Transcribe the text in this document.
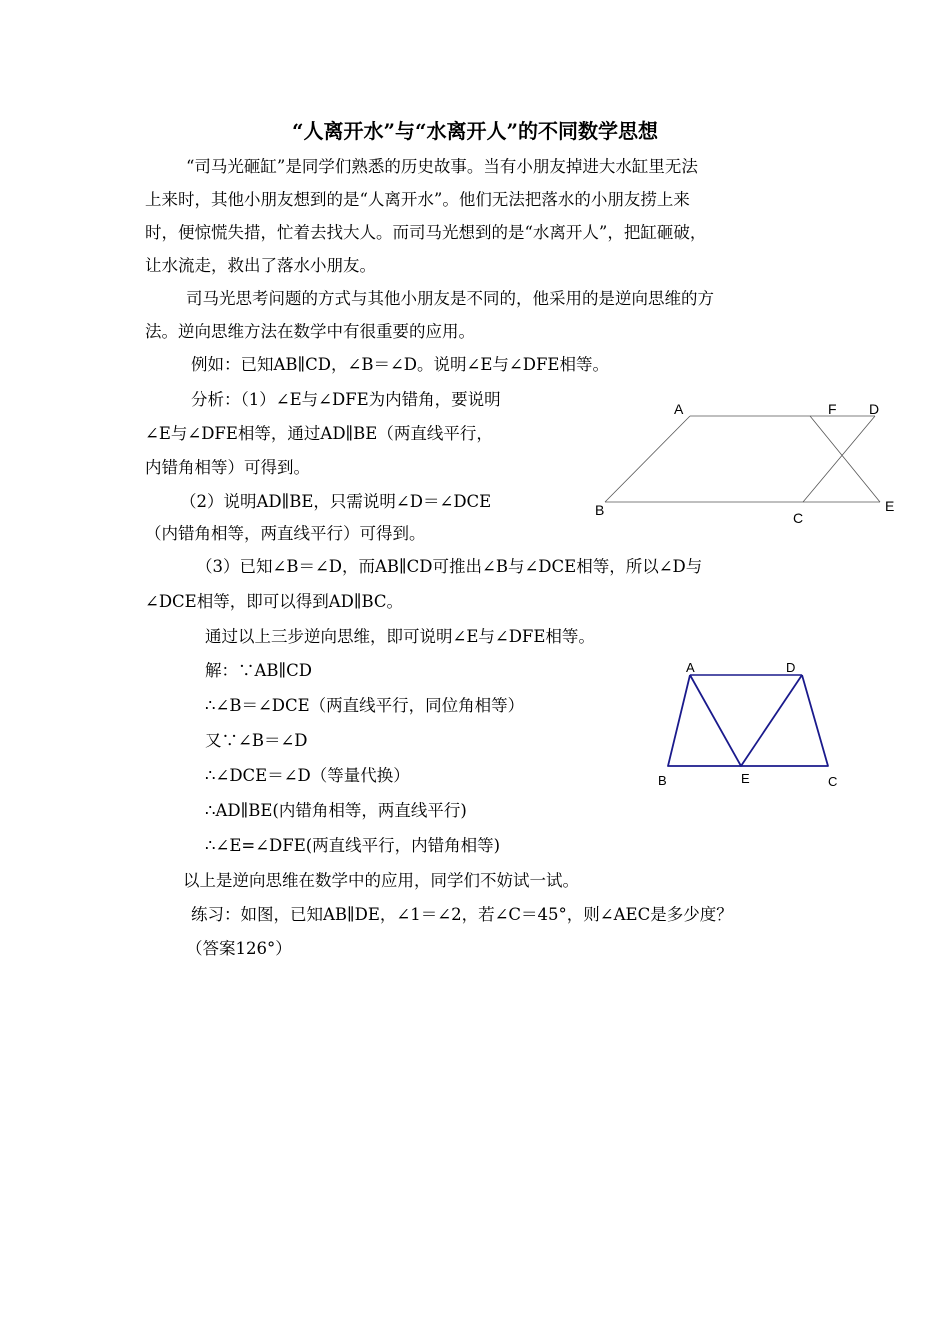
“人离开水”与“水离开人”的不同数学思想

“司马光砸缸”是同学们熟悉的历史故事。当有小朋友掉进大水缸里无法

上来时，其他小朋友想到的是“人离开水”。他们无法把落水的小朋友捞上来

时，便惊慌失措，忙着去找大人。而司马光想到的是“水离开人”，把缸砸破，

让水流走，救出了落水小朋友。

司马光思考问题的方式与其他小朋友是不同的，他采用的是逆向思维的方

法。逆向思维方法在数学中有很重要的应用。

例如：已知AB∥CD，∠B＝∠D。说明∠E与∠DFE相等。

分析：（1）∠E与∠DFE为内错角，要说明

∠E与∠DFE相等，通过AD∥BE（两直线平行，

内错角相等）可得到。

（2）说明AD∥BE，只需说明∠D＝∠DCE

（内错角相等，两直线平行）可得到。

（3）已知∠B＝∠D，而AB∥CD可推出∠B与∠DCE相等，所以∠D与

∠DCE相等，即可以得到AD∥BC。

通过以上三步逆向思维，即可说明∠E与∠DFE相等。

解：∵AB∥CD

∴∠B＝∠DCE（两直线平行，同位角相等）

又∵∠B＝∠D

∴∠DCE＝∠D（等量代换）

∴AD∥BE(内错角相等，两直线平行)

∴∠E=∠DFE(两直线平行，内错角相等)

以上是逆向思维在数学中的应用，同学们不妨试一试。

练习：如图，已知AB∥DE，∠1＝∠2，若∠C＝45°，则∠AEC是多少度？

（答案126°）

A	F D
B	C
E
A	D
B	E	C
